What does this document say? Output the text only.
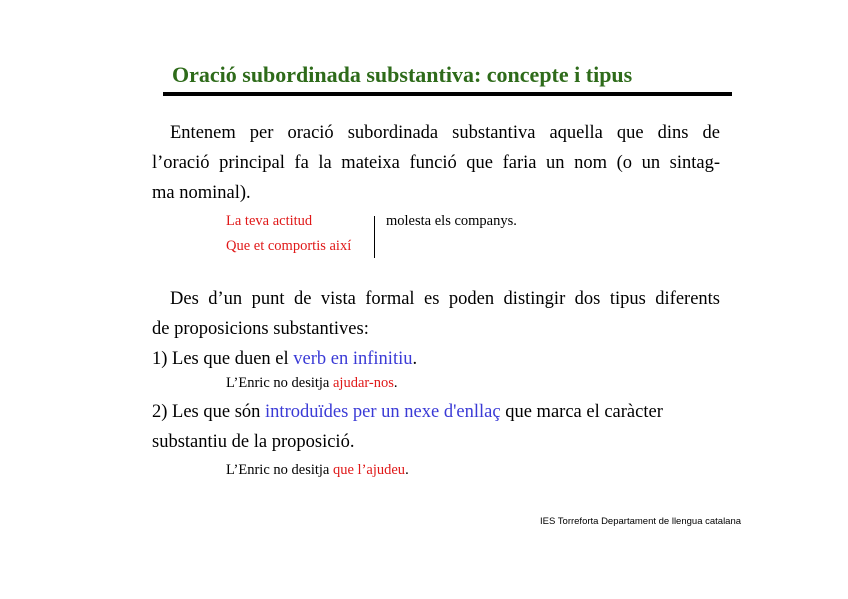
Oració subordinada substantiva: concepte i tipus
Entenem per oració subordinada substantiva aquella que dins de
l’oració principal fa la mateixa funció que faria un nom (o un sintag-
ma nominal).
La teva actitud
Que et comportis així
molesta els companys.
Des d’un punt de vista formal es poden distingir dos tipus diferents
de proposicions substantives:
1) Les que duen el verb en infinitiu.
L’Enric no desitja ajudar-nos.
2) Les que són introduïdes per un nexe d'enllaç que marca el caràcter
substantiu de la proposició.
L’Enric no desitja que l’ajudeu.
IES Torreforta Departament de llengua catalana
